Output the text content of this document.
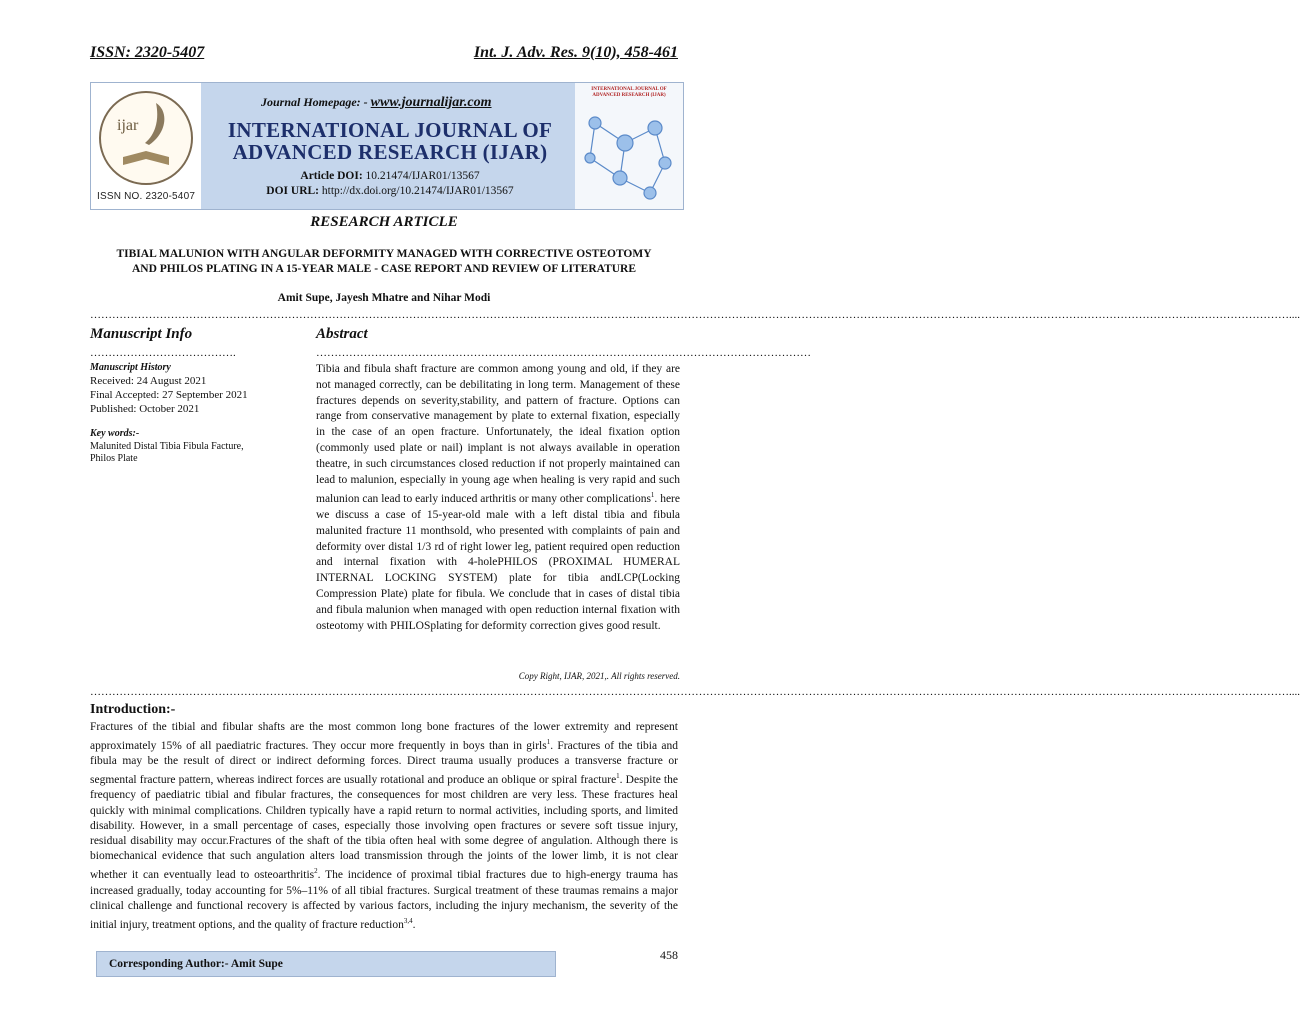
ISSN: 2320-5407	Int. J. Adv. Res. 9(10), 458-461
ijar
ISSN NO. 2320-5407
Journal Homepage: - www.journalijar.com
INTERNATIONAL JOURNAL OF
ADVANCED RESEARCH (IJAR)
Article DOI: 10.21474/IJAR01/13567
DOI URL: http://dx.doi.org/10.21474/IJAR01/13567
INTERNATIONAL JOURNAL OF ADVANCED RESEARCH (IJAR)
RESEARCH ARTICLE
TIBIAL MALUNION WITH ANGULAR DEFORMITY MANAGED WITH CORRECTIVE OSTEOTOMY
AND PHILOS PLATING IN A 15-YEAR MALE - CASE REPORT AND REVIEW OF LITERATURE
Amit Supe, Jayesh Mhatre and Nihar Modi
…………………………………………………………………………………………………………………………………………………………………………………………………………………………………………………………………………………………………....
Manuscript Info
………………………………….
Manuscript History
Received: 24 August 2021
Final Accepted: 27 September 2021
Published: October 2021
Key words:-
Malunited Distal Tibia Fibula Facture, Philos Plate
Abstract
………………………………………………………………………………………………………………………
Tibia and fibula shaft fracture are common among young and old, if they are not managed correctly, can be debilitating in long term. Management of these fractures depends on severity,stability, and pattern of fracture. Options can range from conservative management by plate to external fixation, especially in the case of an open fracture. Unfortunately, the ideal fixation option (commonly used plate or nail) implant is not always available in operation theatre, in such circumstances closed reduction if not properly maintained can lead to malunion, especially in young age when healing is very rapid and such malunion can lead to early induced arthritis or many other complications$^1$. here we discuss a case of 15-year-old male with a left distal tibia and fibula malunited fracture 11 monthsold, who presented with complaints of pain and deformity over distal 1/3 rd of right lower leg, patient required open reduction and internal fixation with 4-holePHILOS (PROXIMAL HUMERAL INTERNAL LOCKING SYSTEM) plate for tibia andLCP(Locking Compression Plate) plate for fibula. We conclude that in cases of distal tibia and fibula malunion when managed with open reduction internal fixation with osteotomy with PHILOSplating for deformity correction gives good result.
Copy Right, IJAR, 2021,. All rights reserved.
…………………………………………………………………………………………………………………………………………………………………………………………………………………………………………………………………………………………………....
Introduction:-
Fractures of the tibial and fibular shafts are the most common long bone fractures of the lower extremity and represent approximately 15% of all paediatric fractures. They occur more frequently in boys than in girls$^1$. Fractures of the tibia and fibula may be the result of direct or indirect deforming forces. Direct trauma usually produces a transverse fracture or segmental fracture pattern, whereas indirect forces are usually rotational and produce an oblique or spiral fracture$^1$. Despite the frequency of paediatric tibial and fibular fractures, the consequences for most children are very less. These fractures heal quickly with minimal complications. Children typically have a rapid return to normal activities, including sports, and limited disability. However, in a small percentage of cases, especially those involving open fractures or severe soft tissue injury, residual disability may occur.Fractures of the shaft of the tibia often heal with some degree of angulation. Although there is biomechanical evidence that such angulation alters load transmission through the joints of the lower limb, it is not clear whether it can eventually lead to osteoarthritis$^2$. The incidence of proximal tibial fractures due to high-energy trauma has increased gradually, today accounting for 5%–11% of all tibial fractures. Surgical treatment of these traumas remains a major clinical challenge and functional recovery is affected by various factors, including the injury mechanism, the severity of the initial injury, treatment options, and the quality of fracture reduction$^{3,4}$.
458
Corresponding Author:- Amit Supe
